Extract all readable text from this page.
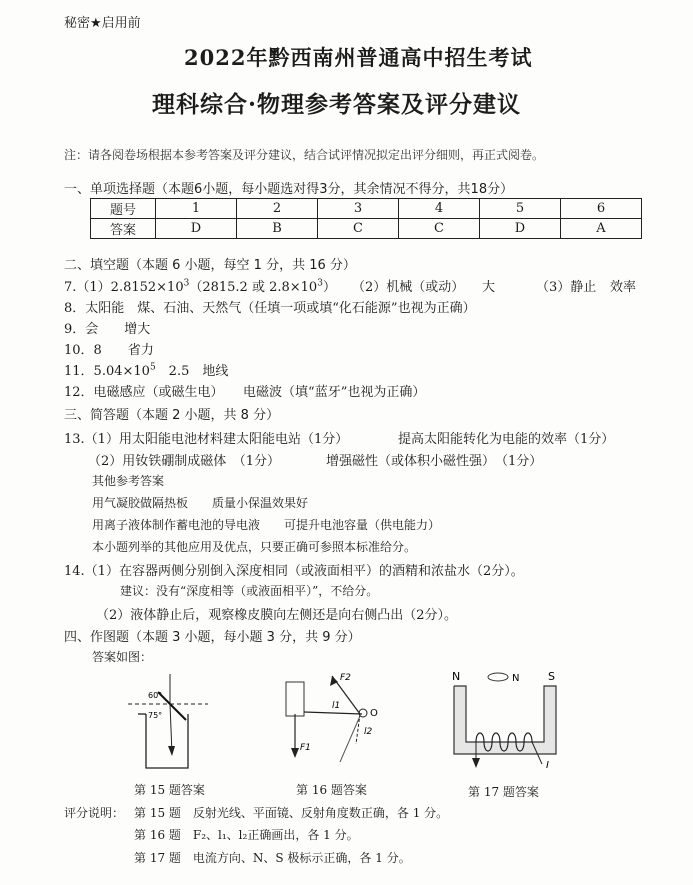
秘密★启用前
2022年黔西南州普通高中招生考试
理科综合·物理参考答案及评分建议
注：请各阅卷场根据本参考答案及评分建议，结合试评情况拟定出评分细则，再正式阅卷。
一、单项选择题（本题6小题，每小题选对得3分，其余情况不得分，共18分）
题号	1	2	3	4	5	6
答案	D	B	C	C	D	A
二、填空题（本题 6 小题，每空 1 分，共 16 分）
$7.(1)2.8152\times 10^3(2815.2$ 或 $2.8\times 10^3$） （2）机械（或动） 大	（3）静止 效率
8．太阳能　煤、石油、天然气（任填一项或填“化石能源”也视为正确）
9．会　　增大
10．8　　省力
11．$5.04\times 10^5$　2.5　地线
12．电磁感应（或磁生电）　　电磁波（填“蓝牙”也视为正确）
三、简答题（本题 2 小题，共 8 分）
13.（1）用太阳能电池材料建太阳能电站（1分）	提高太阳能转化为电能的效率（1分）
（2）用钕铁硼制成磁体　（1分）	增强磁性（或体积小磁性强）　（1分）
其他参考答案
用气凝胶做隔热板　　质量小保温效果好
用离子液体制作蓄电池的导电液　　可提升电池容量（供电能力）
本小题列举的其他应用及优点，只要正确可参照本标准给分。
14.（1）在容器两侧分别倒入深度相同（或液面相平）的酒精和浓盐水（2分）。
建议：没有“深度相等（或液面相平）”，不给分。
（2）液体静止后，观察橡皮膜向左侧还是向右侧凸出（2分）。
四、作图题（本题 3 小题，每小题 3 分，共 9 分）
答案如图：
60°
75°
第 15 题答案
F2
F1
l1
l2
O
第 16 题答案
N	S
N
I
第 17 题答案
评分说明： 第 15 题　反射光线、平面镜、反射角度数正确，各 1 分。
第 16 题　F₂、l₁、l₂正确画出，各 1 分。
第 17 题　电流方向、N、S 极标示正确，各 1 分。
